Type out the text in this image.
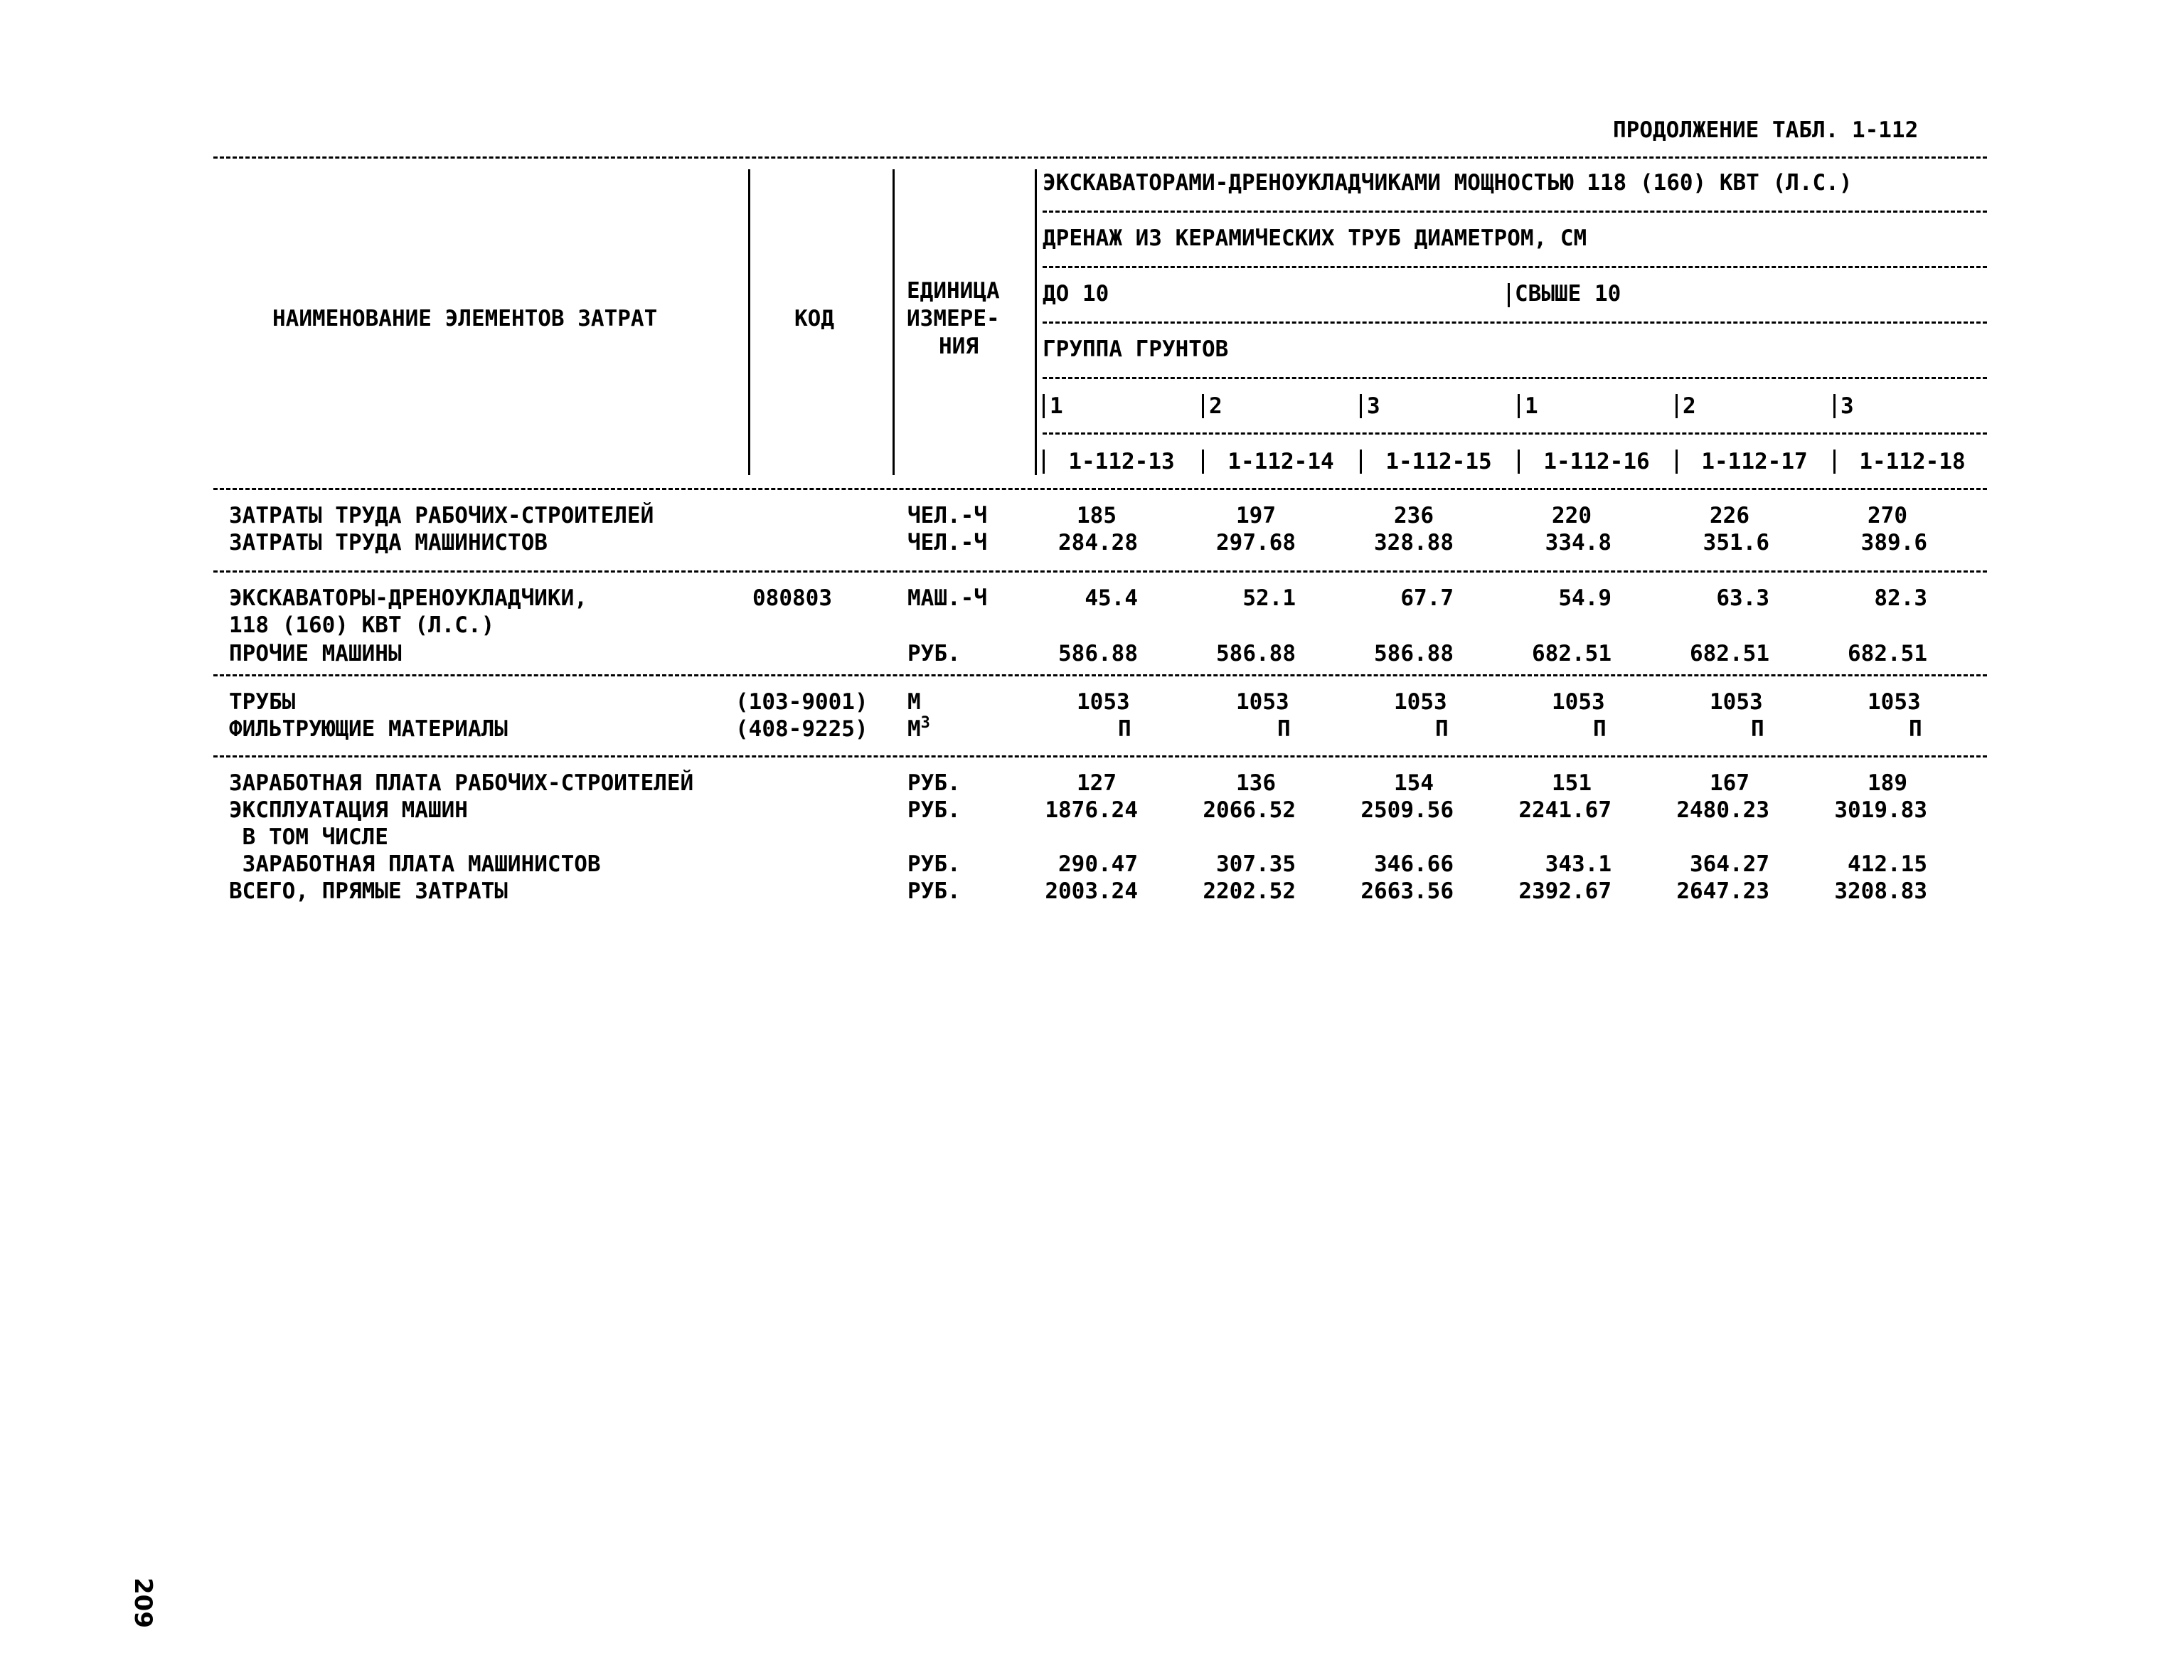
ПРОДОЛЖЕНИЕ ТАБЛ. 1-112
НАИМЕНОВАНИЕ ЭЛЕМЕНТОВ ЗАТРАТ	КОД
ЕДИНИЦА
ИЗМЕРЕ-
НИЯ
ЭКСКАВАТОРАМИ-ДРЕНОУКЛАДЧИКАМИ МОЩНОСТЬЮ 118 (160) КВТ (Л.С.)
ДРЕНАЖ ИЗ КЕРАМИЧЕСКИХ ТРУБ ДИАМЕТРОМ, СМ
ДО 10	СВЫШЕ 10
ГРУППА ГРУНТОВ
1	2	3	1	2	3
1-112-13	1-112-14	1-112-15	1-112-16	1-112-17	1-112-18
ЗАТРАТЫ ТРУДА РАБОЧИХ-СТРОИТЕЛЕЙ	ЧЕЛ.-Ч	185	197	236	220	226	270
ЗАТРАТЫ ТРУДА МАШИНИСТОВ	ЧЕЛ.-Ч	284.28	297.68	328.88	334.8	351.6	389.6
ЭКСКАВАТОРЫ-ДРЕНОУКЛАДЧИКИ,
118 (160) КВТ (Л.С.)
080803	МАШ.-Ч	45.4	52.1	67.7	54.9	63.3	82.3
ПРОЧИЕ МАШИНЫ	РУБ.	586.88	586.88	586.88	682.51	682.51	682.51
ТРУБЫ	(103-9001) М	1053	1053	1053	1053	1053	1053
ФИЛЬТРУЮЩИЕ МАТЕРИАЛЫ	(408-9225) $М^3$	П	П	П	П	П	П
ЗАРАБОТНАЯ ПЛАТА РАБОЧИХ-СТРОИТЕЛЕЙ	РУБ.	127	136	154	151	167	189
ЭКСПЛУАТАЦИЯ МАШИН	РУБ.	1876.24	2066.52	2509.56	2241.67	2480.23	3019.83
В ТОМ ЧИСЛЕ
ЗАРАБОТНАЯ ПЛАТА МАШИНИСТОВ	РУБ.	290.47	307.35	346.66	343.1	364.27	412.15
ВСЕГО, ПРЯМЫЕ ЗАТРАТЫ	РУБ.	2003.24	2202.52	2663.56	2392.67	2647.23	3208.83
209
